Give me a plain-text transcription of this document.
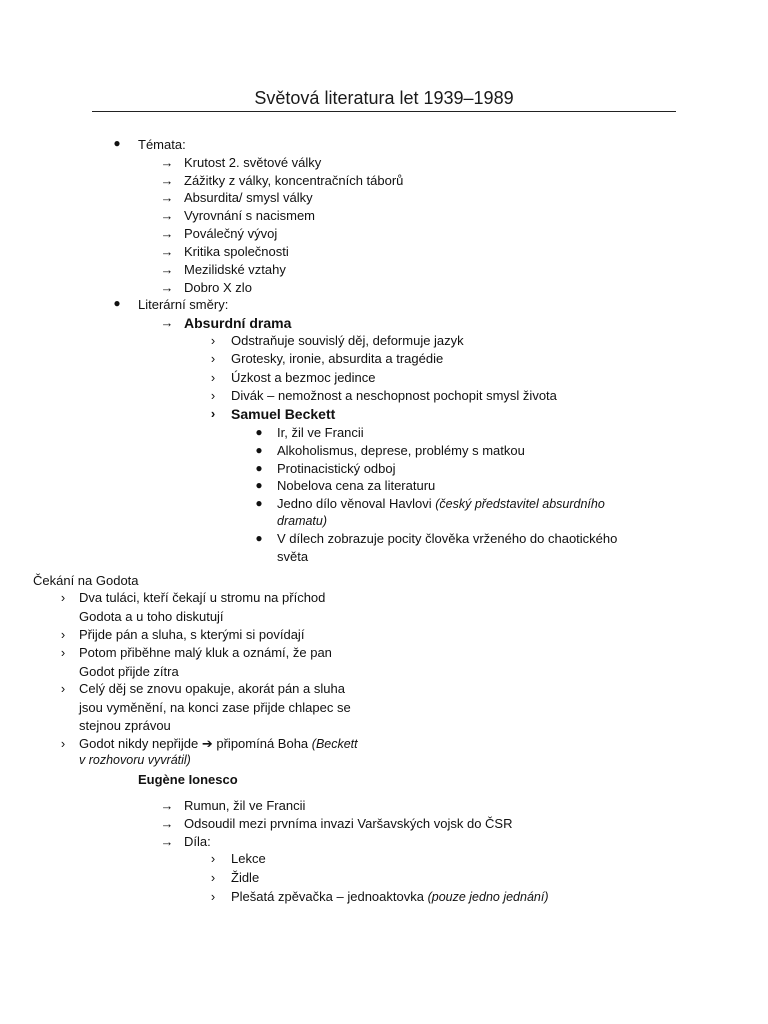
Světová literatura let 1939–1989
● Témata:
→ Krutost 2. světové války
→ Zážitky z války, koncentračních táborů
→ Absurdita/ smysl války
→ Vyrovnání s nacismem
→ Poválečný vývoj
→ Kritika společnosti
→ Mezilidské vztahy
→ Dobro X zlo
● Literární směry:
→ Absurdní drama
›	Odstraňuje souvislý děj, deformuje jazyk
›	Grotesky, ironie, absurdita a tragédie
›	Úzkost a bezmoc jedince
›	Divák – nemožnost a neschopnost pochopit smysl života
›	Samuel Beckett
● Ir, žil ve Francii
● Alkoholismus, deprese, problémy s matkou
● Protinacistický odboj
● Nobelova cena za literaturu
● Jedno dílo věnoval Havlovi (český představitel absurdního
dramatu)
● V dílech zobrazuje pocity člověka vrženého do chaotického
světa
Čekání na Godota
›	Dva tuláci, kteří čekají u stromu na příchod
Godota a u toho diskutují
›	Přijde pán a sluha, s kterými si povídají
›	Potom přiběhne malý kluk a oznámí, že pan
Godot přijde zítra
›	Celý děj se znovu opakuje, akorát pán a sluha
jsou vyměnění, na konci zase přijde chlapec se
stejnou zprávou
›	Godot nikdy nepřijde ➔ připomíná Boha (Beckett
v rozhovoru vyvrátil)
Eugène Ionesco
→ Rumun, žil ve Francii
→ Odsoudil mezi prvníma invazi Varšavských vojsk do ČSR
→ Díla:
›	Lekce
›	Židle
›	Plešatá zpěvačka – jednoaktovka (pouze jedno jednání)
